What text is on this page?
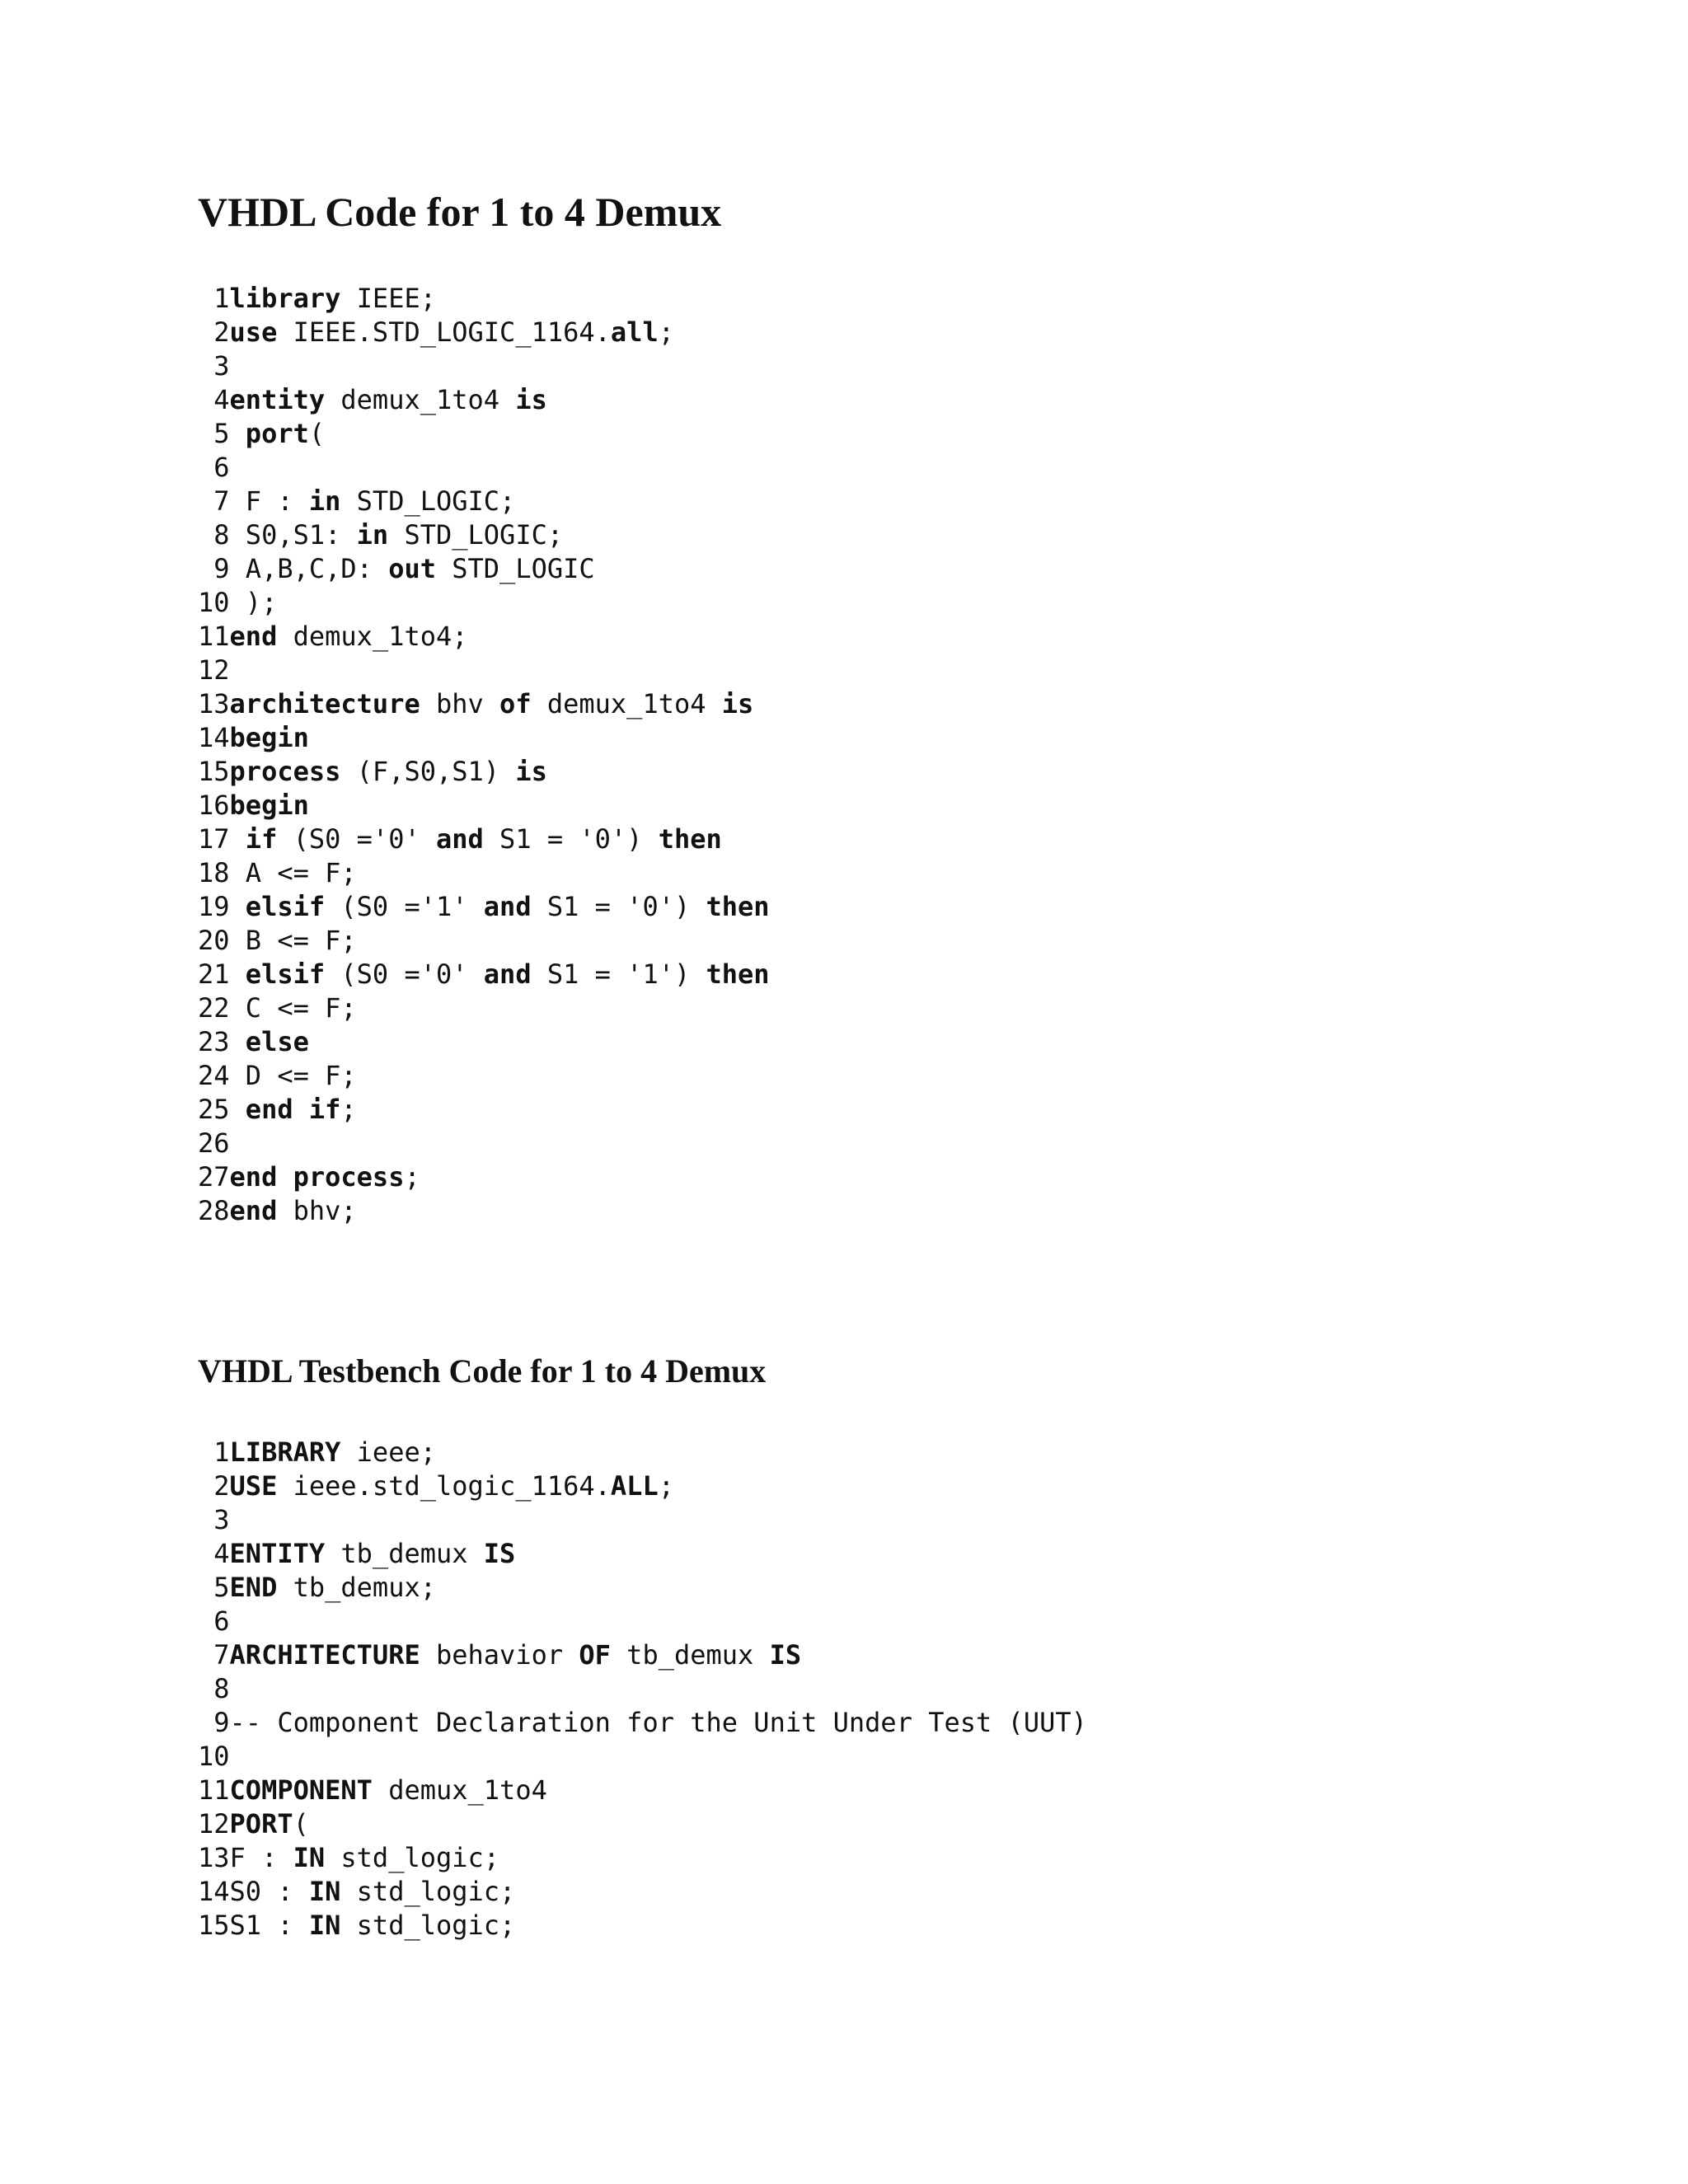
VHDL Code for 1 to 4 Demux
1 library IEEE;
2 use IEEE.STD_LOGIC_1164.all;
3
4 entity demux_1to4 is
5 port(
6
7 F : in STD_LOGIC;
8 S0,S1: in STD_LOGIC;
9 A,B,C,D: out STD_LOGIC
10 );
11 end demux_1to4;
12
13 architecture bhv of demux_1to4 is
14 begin
15 process (F,S0,S1) is
16 begin
17 if (S0 ='0' and S1 = '0') then
18 A <= F;
19 elsif (S0 ='1' and S1 = '0') then
20 B <= F;
21 elsif (S0 ='0' and S1 = '1') then
22 C <= F;
23 else
24 D <= F;
25 end if;
26
27 end process;
28 end bhv;
VHDL Testbench Code for 1 to 4 Demux
1 LIBRARY ieee;
2 USE ieee.std_logic_1164.ALL;
3
4 ENTITY tb_demux IS
5 END tb_demux;
6
7 ARCHITECTURE behavior OF tb_demux IS
8
9 -- Component Declaration for the Unit Under Test (UUT)
10
11 COMPONENT demux_1to4
12 PORT(
13 F : IN std_logic;
14 S0 : IN std_logic;
15 S1 : IN std_logic;
